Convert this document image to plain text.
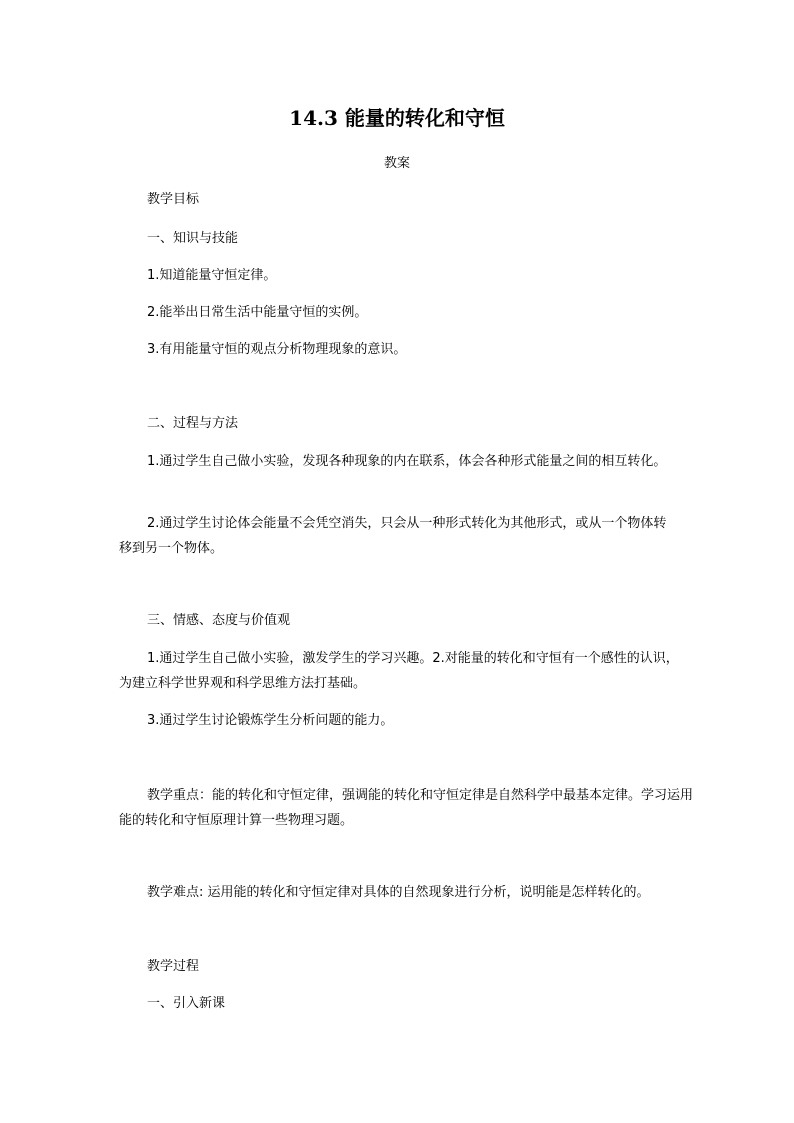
14.3 能量的转化和守恒
教案
教学目标
一、知识与技能
1.知道能量守恒定律。
2.能举出日常生活中能量守恒的实例。
3.有用能量守恒的观点分析物理现象的意识。
二、过程与方法
1.通过学生自己做小实验，发现各种现象的内在联系，体会各种形式能量之间的相互转化。
2.通过学生讨论体会能量不会凭空消失，只会从一种形式转化为其他形式，或从一个物体转移到另一个物体。
三、情感、态度与价值观
1.通过学生自己做小实验，激发学生的学习兴趣。2.对能量的转化和守恒有一个感性的认识，为建立科学世界观和科学思维方法打基础。
3.通过学生讨论锻炼学生分析问题的能力。
教学重点：能的转化和守恒定律，强调能的转化和守恒定律是自然科学中最基本定律。学习运用能的转化和守恒原理计算一些物理习题。
教学难点: 运用能的转化和守恒定律对具体的自然现象进行分析，说明能是怎样转化的。
教学过程
一、引入新课
